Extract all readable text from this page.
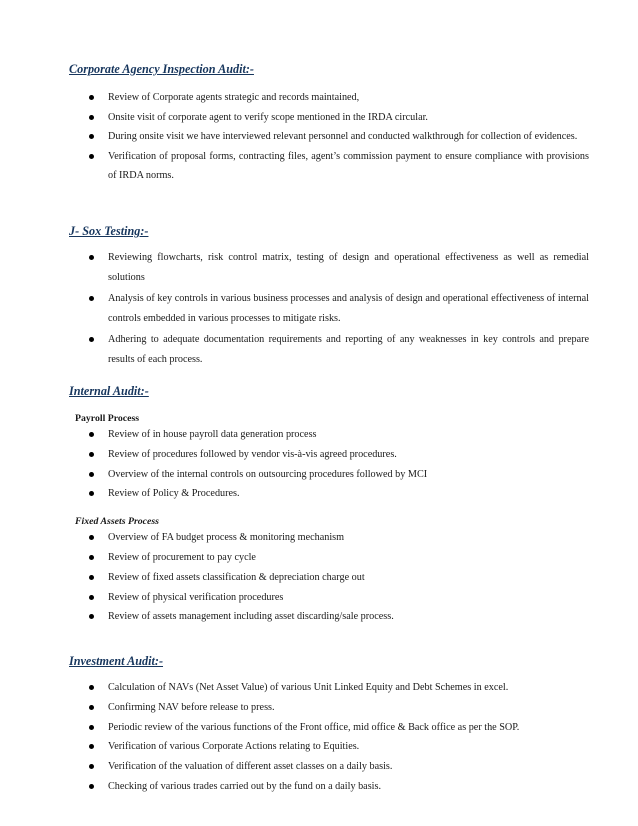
Corporate Agency Inspection Audit:-

Review of Corporate agents strategic and records maintained,
Onsite visit of corporate agent to verify scope mentioned in the IRDA circular.
During onsite visit we have interviewed relevant personnel and conducted walkthrough for collection of evidences.
Verification of proposal forms, contracting files, agent’s commission payment to ensure compliance with provisions of IRDA norms.

J- Sox Testing:-

Reviewing flowcharts, risk control matrix, testing of design and operational effectiveness as well as remedial solutions
Analysis of key controls in various business processes and analysis of design and operational effectiveness of internal controls embedded in various processes to mitigate risks.
Adhering to adequate documentation requirements and reporting of any weaknesses in key controls and prepare results of each process.

Internal Audit:-

Payroll Process

Review of in house payroll data generation process
Review of procedures followed by vendor vis-à-vis agreed procedures.
Overview of the internal controls on outsourcing procedures followed by MCI
Review of Policy & Procedures.

Fixed Assets Process

Overview of FA budget process & monitoring mechanism
Review of procurement to pay cycle
Review of fixed assets classification & depreciation charge out
Review of physical verification procedures
Review of assets management including asset discarding/sale process.

Investment Audit:-

Calculation of NAVs (Net Asset Value) of various Unit Linked Equity and Debt Schemes in excel.
Confirming NAV before release to press.
Periodic review of the various functions of the Front office, mid office & Back office as per the SOP.
Verification of various Corporate Actions relating to Equities.
Verification of the valuation of different asset classes on a daily basis.
Checking of various trades carried out by the fund on a daily basis.
